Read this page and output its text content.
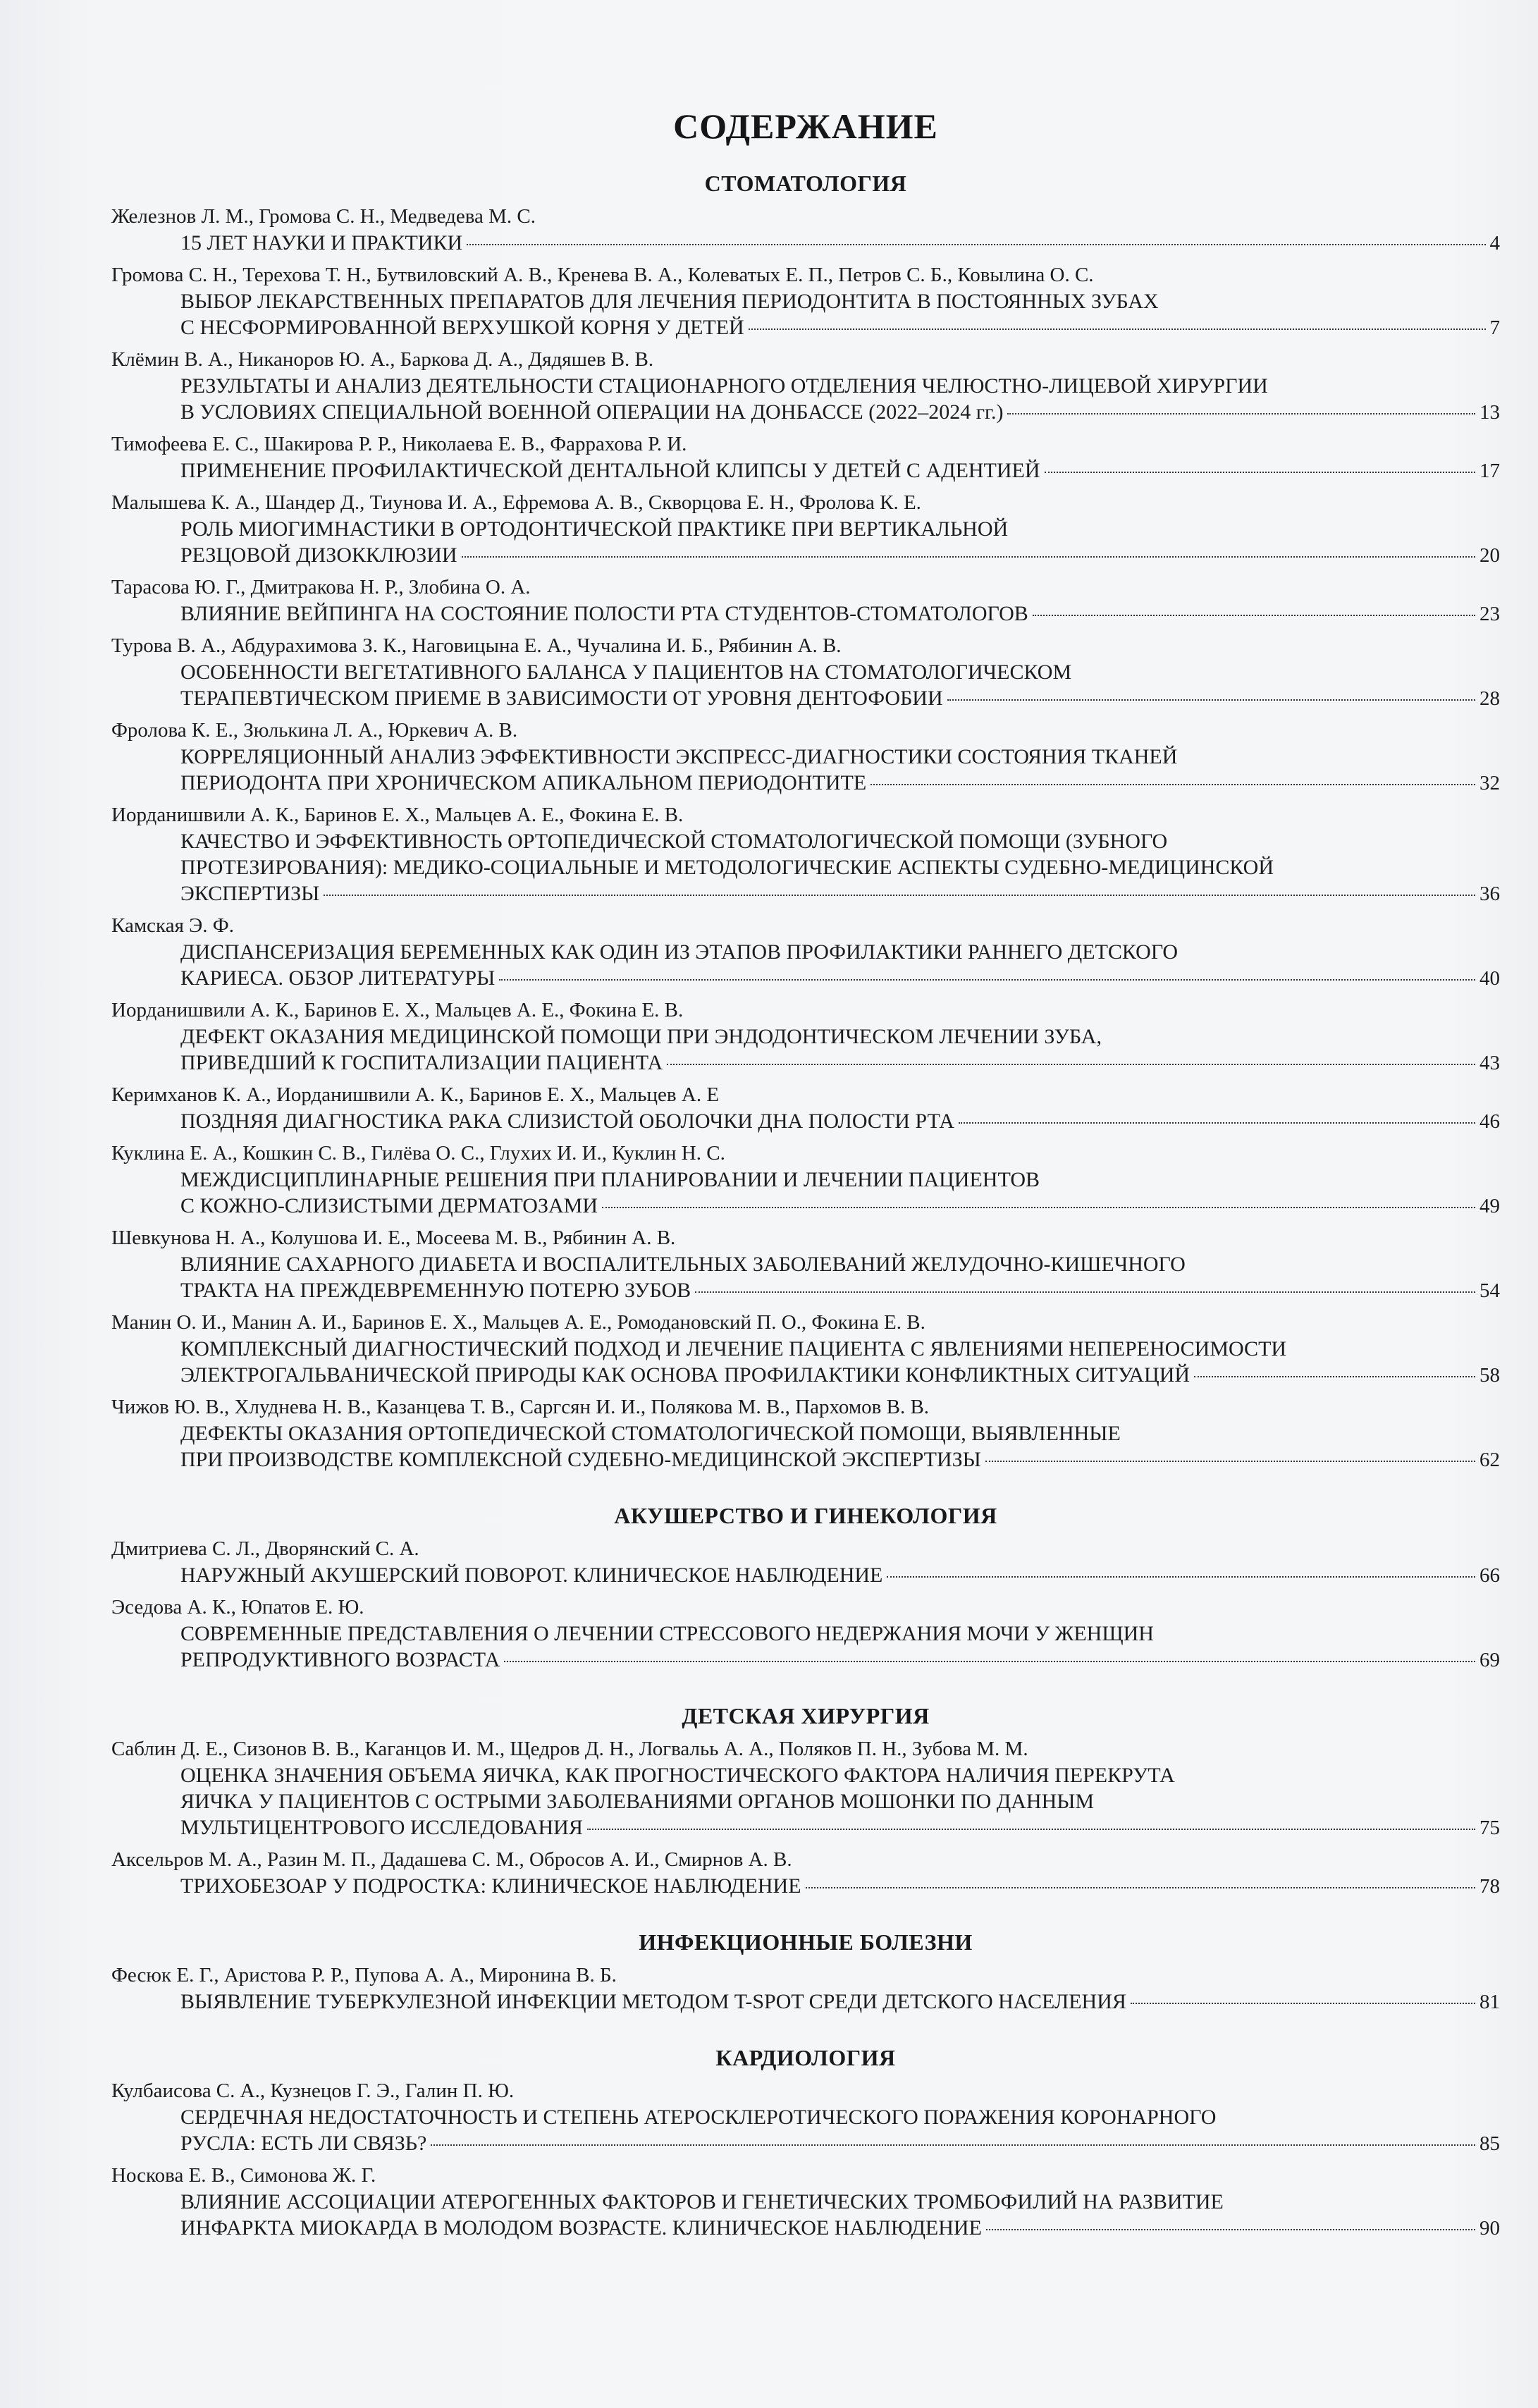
СОДЕРЖАНИЕ
СТОМАТОЛОГИЯ
Железнов Л. М., Громова С. Н., Медведева М. С.
15 ЛЕТ НАУКИ И ПРАКТИКИ	4
Громова С. Н., Терехова Т. Н., Бутвиловский А. В., Кренева В. А., Колеватых Е. П., Петров С. Б., Ковылина О. С.
ВЫБОР ЛЕКАРСТВЕННЫХ ПРЕПАРАТОВ ДЛЯ ЛЕЧЕНИЯ ПЕРИОДОНТИТА В ПОСТОЯННЫХ ЗУБАХ
С НЕСФОРМИРОВАННОЙ ВЕРХУШКОЙ КОРНЯ У ДЕТЕЙ	7
Клёмин В. А., Никаноров Ю. А., Баркова Д. А., Дядяшев В. В.
РЕЗУЛЬТАТЫ И АНАЛИЗ ДЕЯТЕЛЬНОСТИ СТАЦИОНАРНОГО ОТДЕЛЕНИЯ ЧЕЛЮСТНО-ЛИЦЕВОЙ ХИРУРГИИ
В УСЛОВИЯХ СПЕЦИАЛЬНОЙ ВОЕННОЙ ОПЕРАЦИИ НА ДОНБАССЕ (2022–2024 гг.)	13
Тимофеева Е. С., Шакирова Р. Р., Николаева Е. В., Фаррахова Р. И.
ПРИМЕНЕНИЕ ПРОФИЛАКТИЧЕСКОЙ ДЕНТАЛЬНОЙ КЛИПСЫ У ДЕТЕЙ С АДЕНТИЕЙ	17
Малышева К. А., Шандер Д., Тиунова И. А., Ефремова А. В., Скворцова Е. Н., Фролова К. Е.
РОЛЬ МИОГИМНАСТИКИ В ОРТОДОНТИЧЕСКОЙ ПРАКТИКЕ ПРИ ВЕРТИКАЛЬНОЙ
РЕЗЦОВОЙ ДИЗОККЛЮЗИИ	20
Тарасова Ю. Г., Дмитракова Н. Р., Злобина О. А.
ВЛИЯНИЕ ВЕЙПИНГА НА СОСТОЯНИЕ ПОЛОСТИ РТА СТУДЕНТОВ-СТОМАТОЛОГОВ	23
Турова В. А., Абдурахимова З. К., Наговицына Е. А., Чучалина И. Б., Рябинин А. В.
ОСОБЕННОСТИ ВЕГЕТАТИВНОГО БАЛАНСА У ПАЦИЕНТОВ НА СТОМАТОЛОГИЧЕСКОМ
ТЕРАПЕВТИЧЕСКОМ ПРИЕМЕ В ЗАВИСИМОСТИ ОТ УРОВНЯ ДЕНТОФОБИИ	28
Фролова К. Е., Зюлькина Л. А., Юркевич А. В.
КОРРЕЛЯЦИОННЫЙ АНАЛИЗ ЭФФЕКТИВНОСТИ ЭКСПРЕСС-ДИАГНОСТИКИ СОСТОЯНИЯ ТКАНЕЙ
ПЕРИОДОНТА ПРИ ХРОНИЧЕСКОМ АПИКАЛЬНОМ ПЕРИОДОНТИТЕ	32
Иорданишвили А. К., Баринов Е. Х., Мальцев А. Е., Фокина Е. В.
КАЧЕСТВО И ЭФФЕКТИВНОСТЬ ОРТОПЕДИЧЕСКОЙ СТОМАТОЛОГИЧЕСКОЙ ПОМОЩИ (ЗУБНОГО
ПРОТЕЗИРОВАНИЯ): МЕДИКО-СОЦИАЛЬНЫЕ И МЕТОДОЛОГИЧЕСКИЕ АСПЕКТЫ СУДЕБНО-МЕДИЦИНСКОЙ
ЭКСПЕРТИЗЫ	36
Камская Э. Ф.
ДИСПАНСЕРИЗАЦИЯ БЕРЕМЕННЫХ КАК ОДИН ИЗ ЭТАПОВ ПРОФИЛАКТИКИ РАННЕГО ДЕТСКОГО
КАРИЕСА. ОБЗОР ЛИТЕРАТУРЫ	40
Иорданишвили А. К., Баринов Е. Х., Мальцев А. Е., Фокина Е. В.
ДЕФЕКТ ОКАЗАНИЯ МЕДИЦИНСКОЙ ПОМОЩИ ПРИ ЭНДОДОНТИЧЕСКОМ ЛЕЧЕНИИ ЗУБА,
ПРИВЕДШИЙ К ГОСПИТАЛИЗАЦИИ ПАЦИЕНТА	43
Керимханов К. А., Иорданишвили А. К., Баринов Е. Х., Мальцев А. Е
ПОЗДНЯЯ ДИАГНОСТИКА РАКА СЛИЗИСТОЙ ОБОЛОЧКИ ДНА ПОЛОСТИ РТА	46
Куклина Е. А., Кошкин С. В., Гилёва О. С., Глухих И. И., Куклин Н. С.
МЕЖДИСЦИПЛИНАРНЫЕ РЕШЕНИЯ ПРИ ПЛАНИРОВАНИИ И ЛЕЧЕНИИ ПАЦИЕНТОВ
С КОЖНО-СЛИЗИСТЫМИ ДЕРМАТОЗАМИ	49
Шевкунова Н. А., Колушова И. Е., Мосеева М. В., Рябинин А. В.
ВЛИЯНИЕ САХАРНОГО ДИАБЕТА И ВОСПАЛИТЕЛЬНЫХ ЗАБОЛЕВАНИЙ ЖЕЛУДОЧНО-КИШЕЧНОГО
ТРАКТА НА ПРЕЖДЕВРЕМЕННУЮ ПОТЕРЮ ЗУБОВ	54
Манин О. И., Манин А. И., Баринов Е. Х., Мальцев А. Е., Ромодановский П. О., Фокина Е. В.
КОМПЛЕКСНЫЙ ДИАГНОСТИЧЕСКИЙ ПОДХОД И ЛЕЧЕНИЕ ПАЦИЕНТА С ЯВЛЕНИЯМИ НЕПЕРЕНОСИМОСТИ
ЭЛЕКТРОГАЛЬВАНИЧЕСКОЙ ПРИРОДЫ КАК ОСНОВА ПРОФИЛАКТИКИ КОНФЛИКТНЫХ СИТУАЦИЙ	58
Чижов Ю. В., Хлуднева Н. В., Казанцева Т. В., Саргсян И. И., Полякова М. В., Пархомов В. В.
ДЕФЕКТЫ ОКАЗАНИЯ ОРТОПЕДИЧЕСКОЙ СТОМАТОЛОГИЧЕСКОЙ ПОМОЩИ, ВЫЯВЛЕННЫЕ
ПРИ ПРОИЗВОДСТВЕ КОМПЛЕКСНОЙ СУДЕБНО-МЕДИЦИНСКОЙ ЭКСПЕРТИЗЫ	62
АКУШЕРСТВО И ГИНЕКОЛОГИЯ
Дмитриева С. Л., Дворянский С. А.
НАРУЖНЫЙ АКУШЕРСКИЙ ПОВОРОТ. КЛИНИЧЕСКОЕ НАБЛЮДЕНИЕ	66
Эседова А. К., Юпатов Е. Ю.
СОВРЕМЕННЫЕ ПРЕДСТАВЛЕНИЯ О ЛЕЧЕНИИ СТРЕССОВОГО НЕДЕРЖАНИЯ МОЧИ У ЖЕНЩИН
РЕПРОДУКТИВНОГО ВОЗРАСТА	69
ДЕТСКАЯ ХИРУРГИЯ
Саблин Д. Е., Сизонов В. В., Каганцов И. М., Щедров Д. Н., Логвальь А. А., Поляков П. Н., Зубова М. М.
ОЦЕНКА ЗНАЧЕНИЯ ОБЪЕМА ЯИЧКА, КАК ПРОГНОСТИЧЕСКОГО ФАКТОРА НАЛИЧИЯ ПЕРЕКРУТА
ЯИЧКА У ПАЦИЕНТОВ С ОСТРЫМИ ЗАБОЛЕВАНИЯМИ ОРГАНОВ МОШОНКИ ПО ДАННЫМ
МУЛЬТИЦЕНТРОВОГО ИССЛЕДОВАНИЯ	75
Аксельров М. А., Разин М. П., Дадашева С. М., Обросов А. И., Смирнов А. В.
ТРИХОБЕЗОАР У ПОДРОСТКА: КЛИНИЧЕСКОЕ НАБЛЮДЕНИЕ	78
ИНФЕКЦИОННЫЕ БОЛЕЗНИ
Фесюк Е. Г., Аристова Р. Р., Пупова А. А., Миронина В. Б.
ВЫЯВЛЕНИЕ ТУБЕРКУЛЕЗНОЙ ИНФЕКЦИИ МЕТОДОМ T-SPOT СРЕДИ ДЕТСКОГО НАСЕЛЕНИЯ	81
КАРДИОЛОГИЯ
Кулбаисова С. А., Кузнецов Г. Э., Галин П. Ю.
СЕРДЕЧНАЯ НЕДОСТАТОЧНОСТЬ И СТЕПЕНЬ АТЕРОСКЛЕРОТИЧЕСКОГО ПОРАЖЕНИЯ КОРОНАРНОГО
РУСЛА: ЕСТЬ ЛИ СВЯЗЬ?	85
Носкова Е. В., Симонова Ж. Г.
ВЛИЯНИЕ АССОЦИАЦИИ АТЕРОГЕННЫХ ФАКТОРОВ И ГЕНЕТИЧЕСКИХ ТРОМБОФИЛИЙ НА РАЗВИТИЕ
ИНФАРКТА МИОКАРДА В МОЛОДОМ ВОЗРАСТЕ. КЛИНИЧЕСКОЕ НАБЛЮДЕНИЕ	90
